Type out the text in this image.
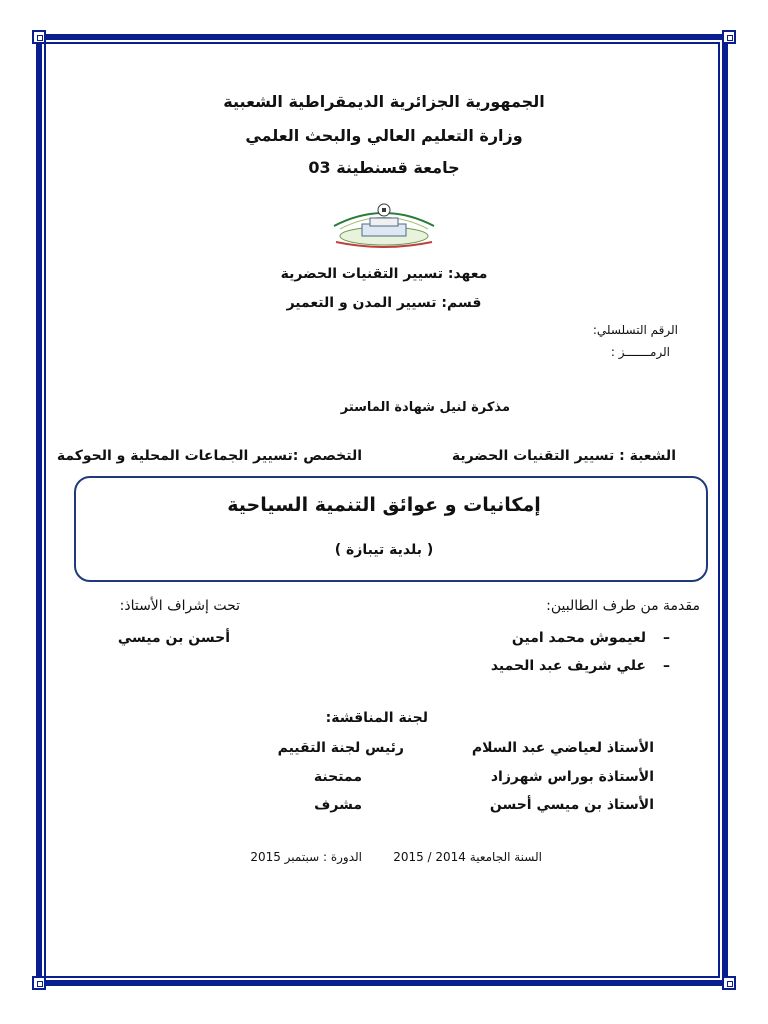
الجمهورية الجزائرية الديمقراطية الشعبية
وزارة التعليم العالي والبحث العلمي
جامعة قسنطينة 03
معهد: تسيير التقنيات الحضرية
قسم: تسيير المدن و التعمير
الرقم التسلسلي:
الرمـــــــز :
مذكرة لنيل شهادة الماستر
الشعبة : تسيير التقنيات الحضرية
التخصص :تسيير الجماعات المحلية و الحوكمة
إمكانيات و عوائق التنمية السياحية
( بلدية تيبازة )
مقدمة من طرف الطالبين:
–
لعيموش محمد امين
–
علي شريف عبد الحميد
تحت إشراف الأستاذ:
أحسن بن ميسي
لجنة المناقشة:
الأستاذ لعياضي عبد السلام
رئيس لجنة التقييم
الأستاذة بوراس شهرزاد
ممتحنة
الأستاذ بن ميسي أحسن
مشرف
السنة الجامعية 2014 / 2015
الدورة : سبتمبر 2015
